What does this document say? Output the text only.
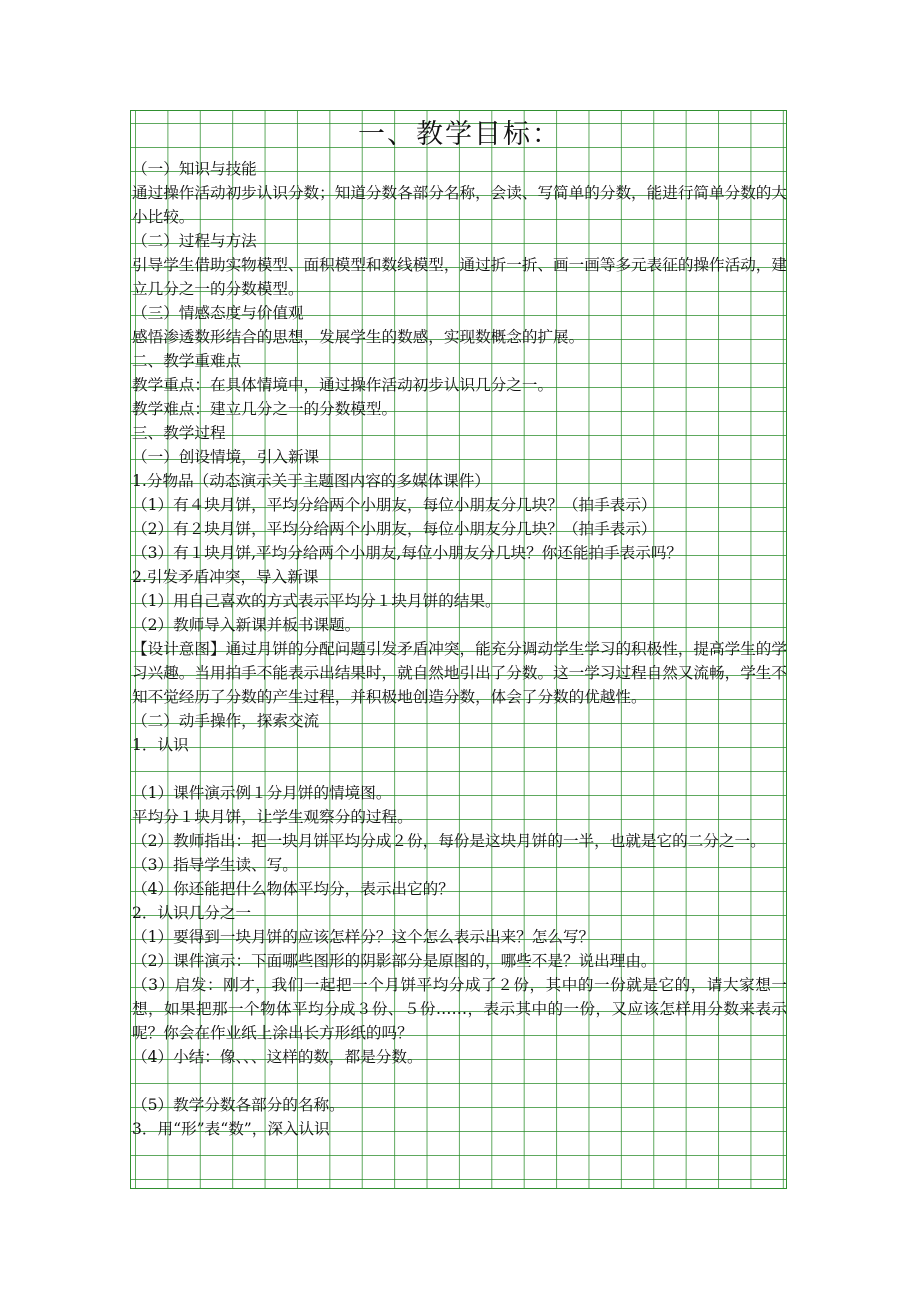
一、教学目标：

（一）知识与技能

通过操作活动初步认识分数；知道分数各部分名称，会读、写简单的分数，能进行简单分数的大小比较。

（二）过程与方法

引导学生借助实物模型、面积模型和数线模型，通过折一折、画一画等多元表征的操作活动，建立几分之一的分数模型。

（三）情感态度与价值观

感悟渗透数形结合的思想，发展学生的数感，实现数概念的扩展。

二、教学重难点

教学重点：在具体情境中，通过操作活动初步认识几分之一。

教学难点：建立几分之一的分数模型。

三、教学过程

（一）创设情境，引入新课

1.分物品（动态演示关于主题图内容的多媒体课件）

（1）有４块月饼，平均分给两个小朋友，每位小朋友分几块？（拍手表示）

（2）有２块月饼，平均分给两个小朋友，每位小朋友分几块？（拍手表示）

（3）有１块月饼,平均分给两个小朋友,每位小朋友分几块？你还能拍手表示吗？

2.引发矛盾冲突，导入新课

（1）用自己喜欢的方式表示平均分１块月饼的结果。

（2）教师导入新课并板书课题。

【设计意图】通过月饼的分配问题引发矛盾冲突，能充分调动学生学习的积极性，提高学生的学习兴趣。当用拍手不能表示出结果时，就自然地引出了分数。这一学习过程自然又流畅，学生不知不觉经历了分数的产生过程，并积极地创造分数，体会了分数的优越性。

（二）动手操作，探索交流

1．认识

（1）课件演示例１分月饼的情境图。

平均分１块月饼，让学生观察分的过程。

（2）教师指出：把一块月饼平均分成２份，每份是这块月饼的一半，也就是它的二分之一。

（3）指导学生读、写。

（4）你还能把什么物体平均分，表示出它的？

2．认识几分之一

（1）要得到一块月饼的应该怎样分？这个怎么表示出来？怎么写？

（2）课件演示：下面哪些图形的阴影部分是原图的，哪些不是？说出理由。

（3）启发：刚才，我们一起把一个月饼平均分成了２份，其中的一份就是它的，请大家想一想，如果把那一个物体平均分成３份、５份……，表示其中的一份，又应该怎样用分数来表示呢？你会在作业纸上涂出长方形纸的吗？

（4）小结：像、、、这样的数，都是分数。

（5）教学分数各部分的名称。

3．用“形”表“数”，深入认识
